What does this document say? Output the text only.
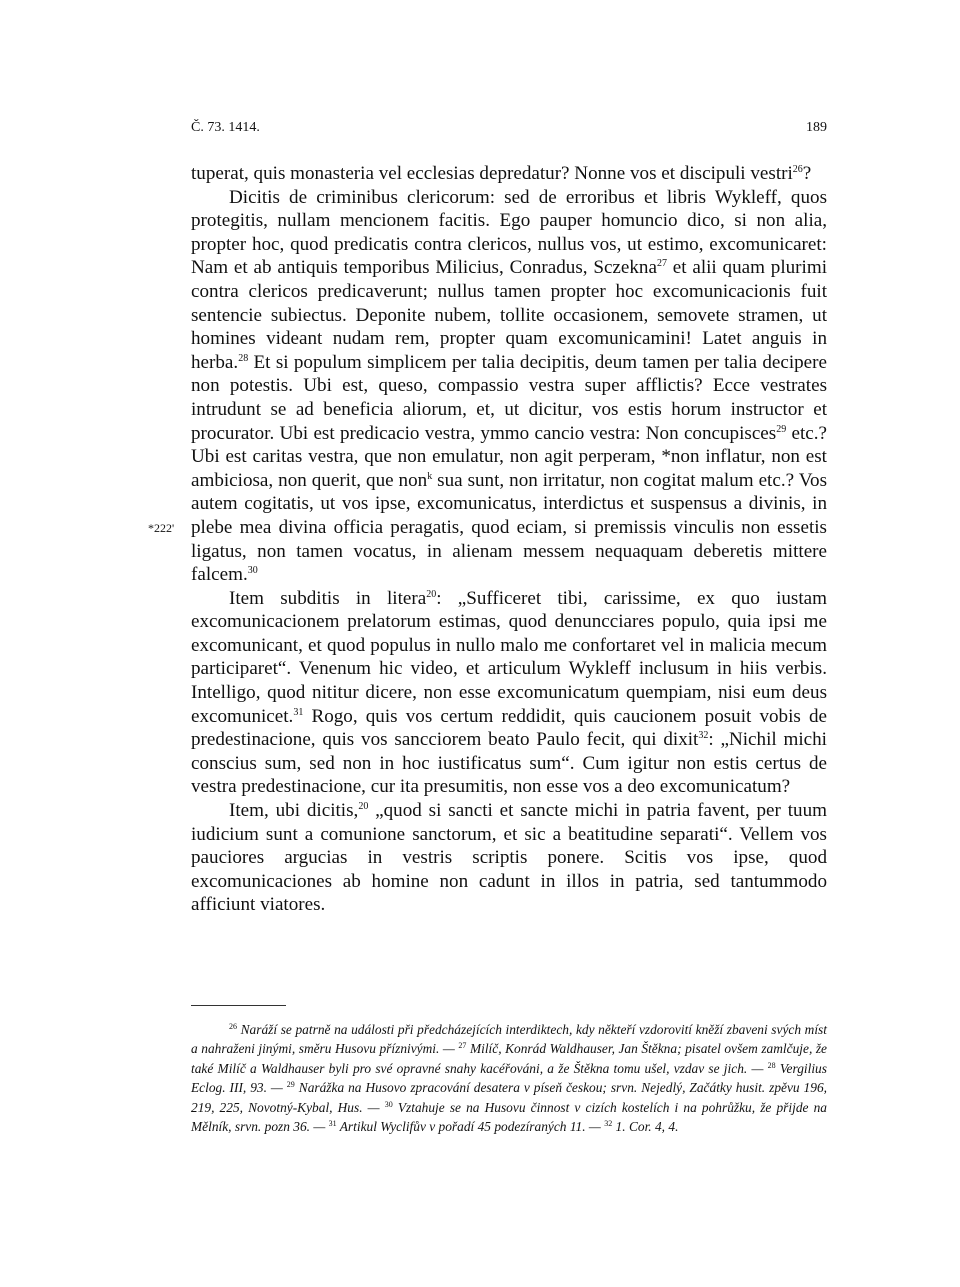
Č. 73. 1414.	189
*222'

tuperat, quis monasteria vel ecclesias depredatur? Nonne vos et discipuli vestri$^{26}$?

Dicitis de criminibus clericorum: sed de erroribus et libris Wykleff, quos protegitis, nullam mencionem facitis. Ego pauper homuncio dico, si non alia, propter hoc, quod predicatis contra clericos, nullus vos, ut estimo, excomunicaret: Nam et ab antiquis temporibus Milicius, Conradus, Sczekna$^{27}$ et alii quam plurimi contra clericos predicaverunt; nullus tamen propter hoc excomunicacionis fuit sentencie subiectus. Deponite nubem, tollite occasionem, semovete stramen, ut homines videant nudam rem, propter quam excomunicamini! Latet anguis in herba.$^{28}$ Et si populum simplicem per talia decipitis, deum tamen per talia decipere non potestis. Ubi est, queso, compassio vestra super afflictis? Ecce vestrates intrudunt se ad beneficia aliorum, et, ut dicitur, vos estis horum instructor et procurator. Ubi est predicacio vestra, ymmo cancio vestra: Non concupisces$^{29}$ etc.? Ubi est caritas vestra, que non emulatur, non agit perperam, *non inflatur, non est ambiciosa, non querit, que non$^k$ sua sunt, non irritatur, non cogitat malum etc.? Vos autem cogitatis, ut vos ipse, excomunicatus, interdictus et suspensus a divinis, in plebe mea divina officia peragatis, quod eciam, si premissis vinculis non essetis ligatus, non tamen vocatus, in alienam messem nequaquam deberetis mittere falcem.$^{30}$

Item subditis in litera$^{20}$: „Sufficeret tibi, carissime, ex quo iustam excomunicacionem prelatorum estimas, quod denuncciares populo, quia ipsi me excomunicant, et quod populus in nullo malo me confortaret vel in malicia mecum participaret“. Venenum hic video, et articulum Wykleff inclusum in hiis verbis. Intelligo, quod nititur dicere, non esse excomunicatum quempiam, nisi eum deus excomunicet.$^{31}$ Rogo, quis vos certum reddidit, quis caucionem posuit vobis de predestinacione, quis vos sancciorem beato Paulo fecit, qui dixit$^{32}$: „Nichil michi conscius sum, sed non in hoc iustificatus sum“. Cum igitur non estis certus de vestra predestinacione, cur ita presumitis, non esse vos a deo excomunicatum?

Item, ubi dicitis,$^{20}$ „quod si sancti et sancte michi in patria favent, per tuum iudicium sunt a comunione sanctorum, et sic a beatitudine separati“. Vellem vos pauciores argucias in vestris scriptis ponere. Scitis vos ipse, quod excomunicaciones ab homine non cadunt in illos in patria, sed tantummodo afficiunt viatores.

$^{26}$ Naráží se patrně na události při předcházejících interdiktech, kdy někteří vzdorovití kněží zbaveni svých míst a nahraženi jinými, směru Husovu příznivými. — $^{27}$ Milíč, Konrád Waldhauser, Jan Štěkna; pisatel ovšem zamlčuje, že také Milíč a Waldhauser byli pro své opravné snahy kacéřováni, a že Štěkna tomu ušel, vzdav se jich. — $^{28}$ Vergilius Eclog. III, 93. — $^{29}$ Narážka na Husovo zpracování desatera v píseň českou; srvn. Nejedlý, Začátky husit. zpěvu 196, 219, 225, Novotný-Kybal, Hus. — $^{30}$ Vztahuje se na Husovu činnost v cizích kostelích i na pohrůžku, že přijde na Mělník, srvn. pozn 36. — $^{31}$ Artikul Wyclifův v pořadí 45 podezíraných 11. — $^{32}$ 1. Cor. 4, 4.
